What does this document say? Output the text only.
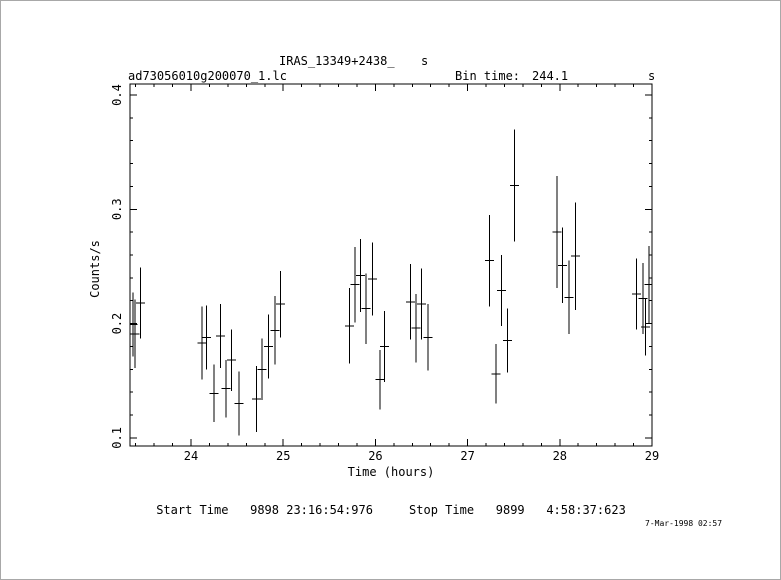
24	25	26	27	28	29
0.1
0.2
0.3
0.4
IRAS_13349+2438_ s
ad73056010g200070_1.lc	Bin time: 244.1	s
Time (hours)
Counts/s
Start Time   9898 23:16:54:976     Stop Time   9899   4:58:37:623
7-Mar-1998 02:57
